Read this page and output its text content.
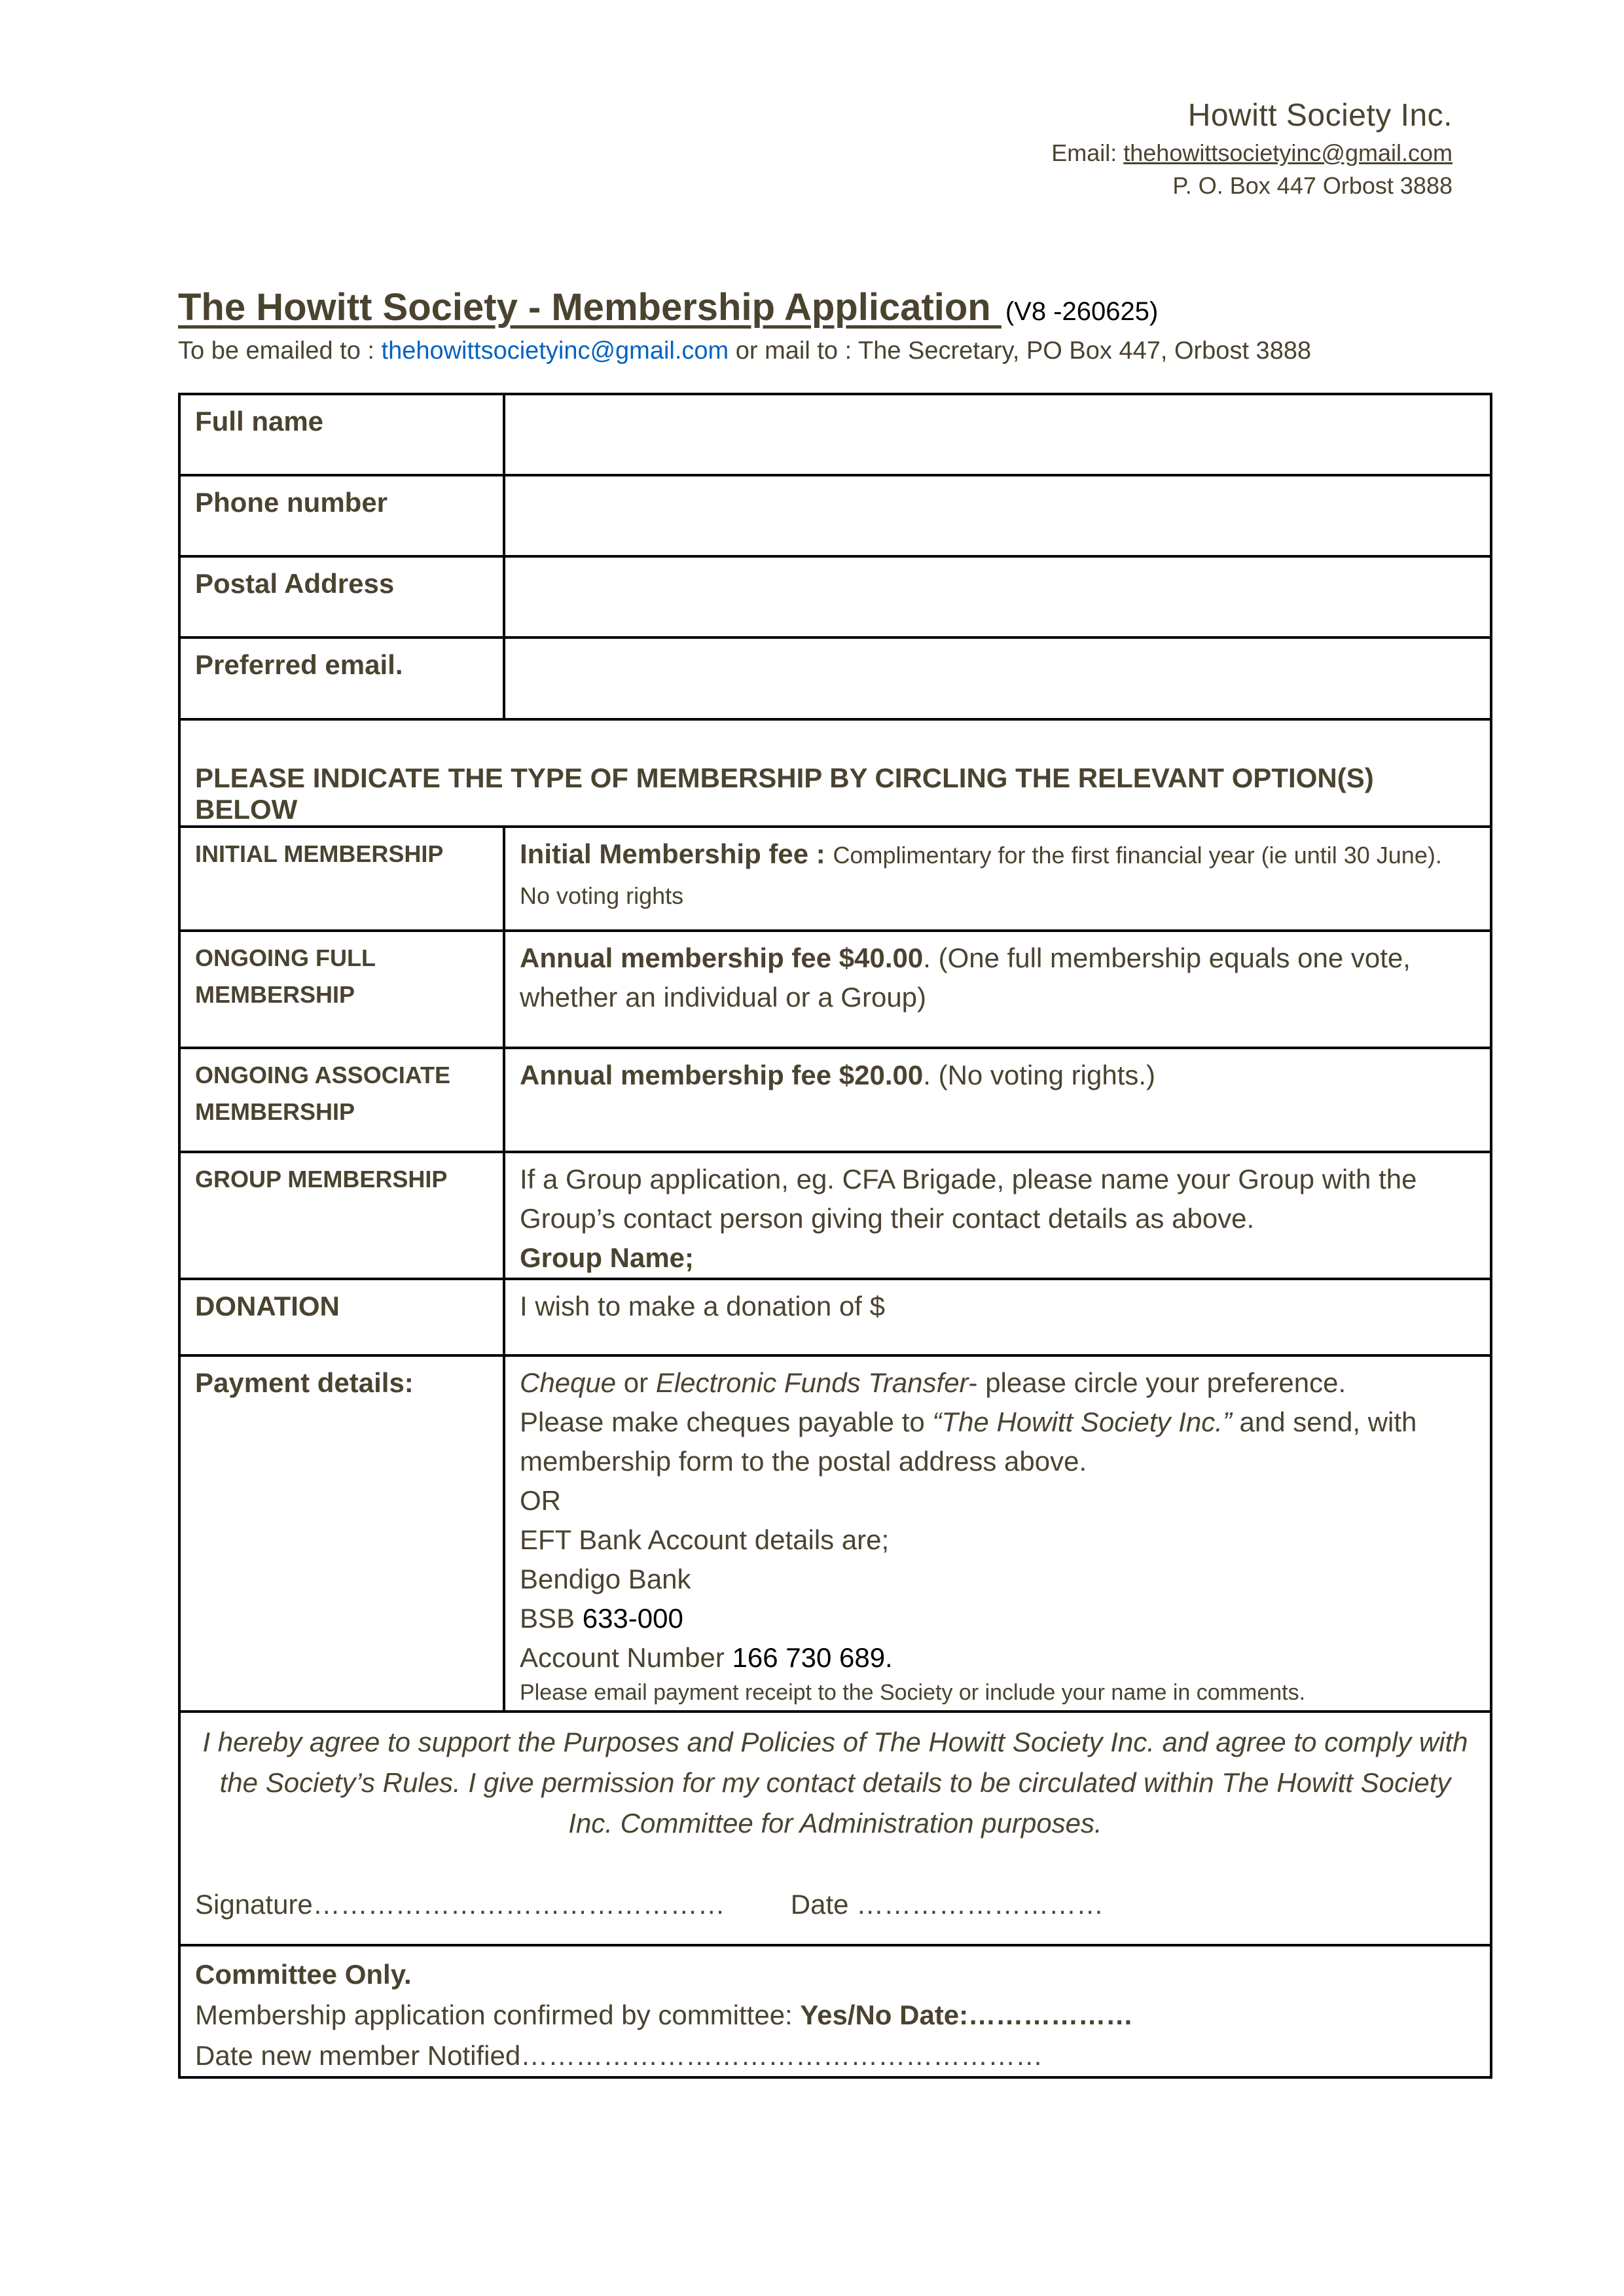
Howitt Society Inc.
Email: thehowittsocietyinc@gmail.com
P. O. Box 447 Orbost 3888
The Howitt Society - Membership Application (V8 -260625)
To be emailed to : thehowittsocietyinc@gmail.com or mail to : The Secretary, PO Box 447, Orbost 3888
Full name	
Phone number	
Postal Address	
Preferred email.	
PLEASE INDICATE THE TYPE OF MEMBERSHIP BY CIRCLING THE RELEVANT OPTION(S) BELOW	
INITIAL MEMBERSHIP	Initial Membership fee : Complimentary for the first financial year (ie until 30 June). No voting rights
ONGOING FULL MEMBERSHIP	Annual membership fee $40.00. (One full membership equals one vote, whether an individual or a Group)
ONGOING ASSOCIATE MEMBERSHIP	Annual membership fee $20.00. (No voting rights.)
GROUP MEMBERSHIP	If a Group application, eg. CFA Brigade, please name your Group with the Group’s contact person giving their contact details as above.
Group Name;

DONATION	I wish to make a donation of $
Payment details:	Cheque or Electronic Funds Transfer- please circle your preference.
Please make cheques payable to “The Howitt Society Inc.” and send, with membership form to the postal address above.
OR
EFT Bank Account details are;
Bendigo Bank
BSB 633-000
Account Number 166 730 689.
Please email payment receipt to the Society or include your name in comments.

I hereby agree to support the Purposes and Policies of The Howitt Society Inc. and agree to comply with the Society’s Rules. I give permission for my contact details to be circulated within The Howitt Society Inc. Committee for Administration purposes.
Signature……………………………………… Date ………………………	

Committee Only.
Membership application confirmed by committee: Yes/No Date:………………
Date new member Notified…………………………………………………	
